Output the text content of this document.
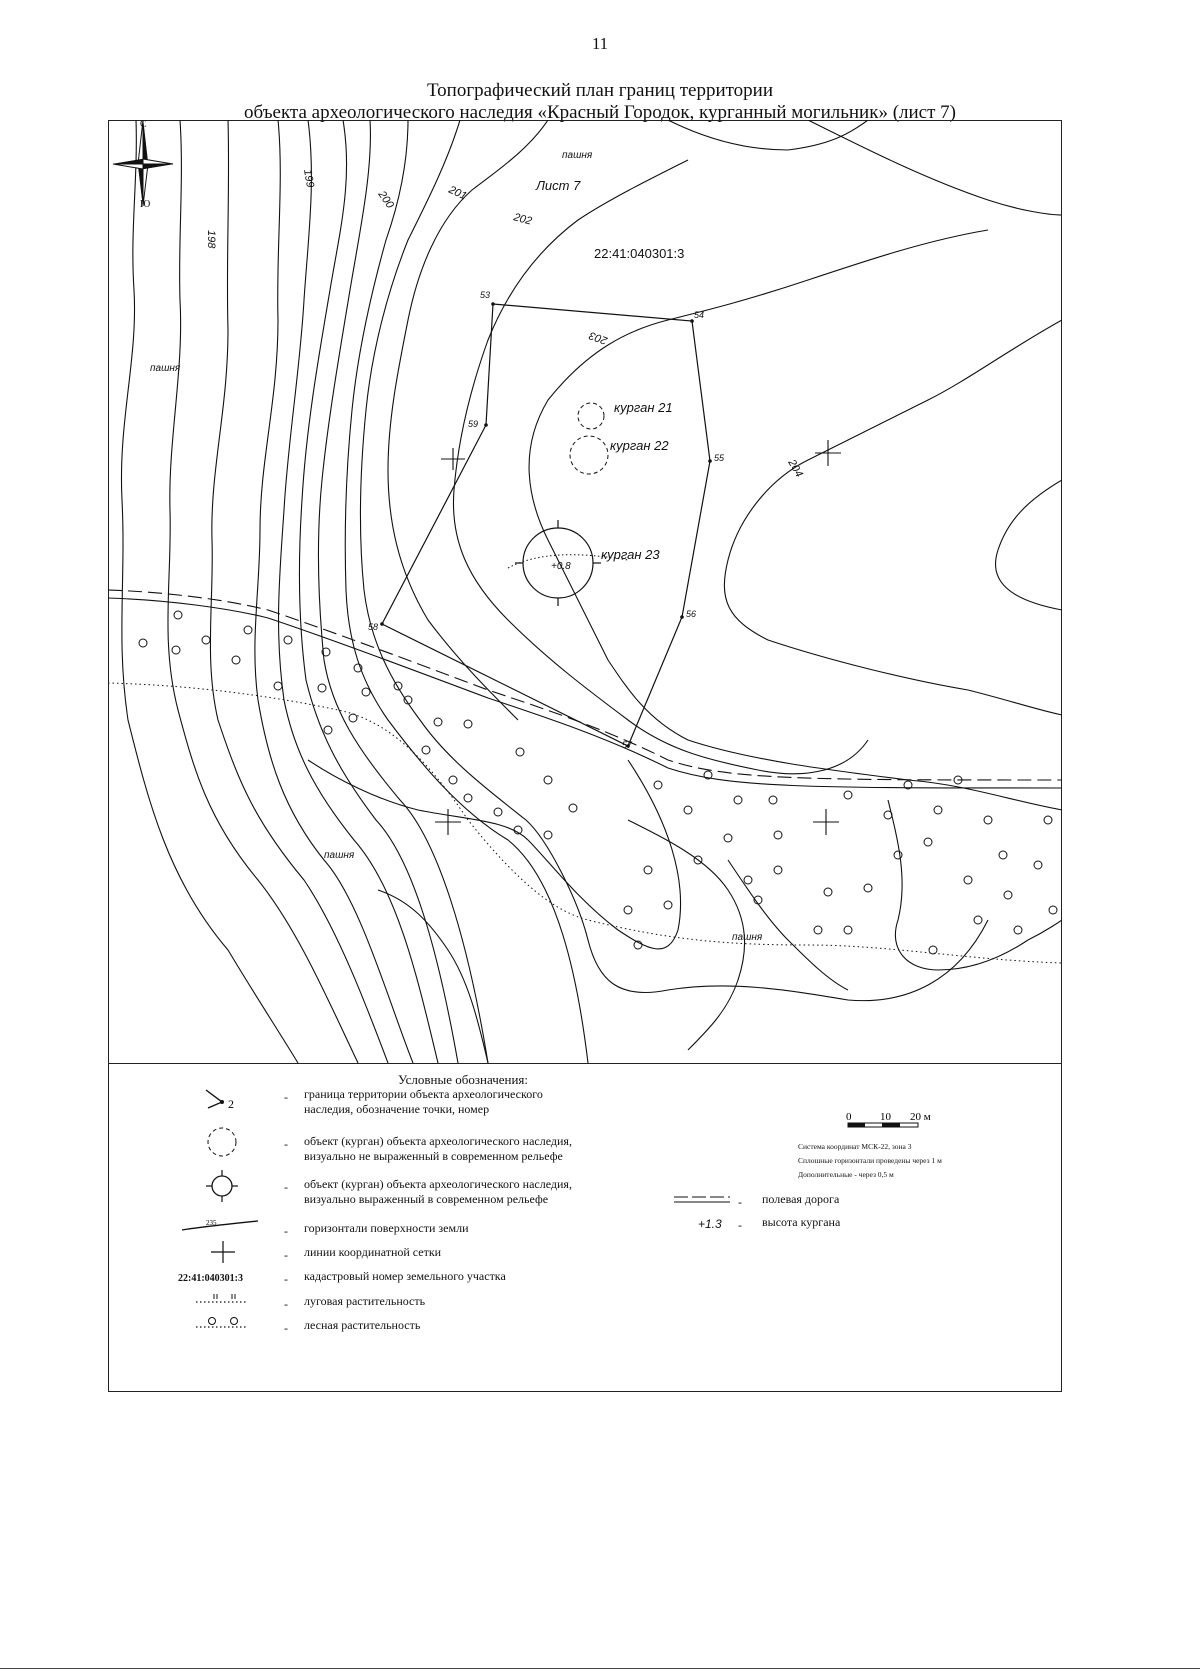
11
Топографический план границ территории
объекта археологического наследия «Красный Городок, курганный могильник» (лист 7)
198
199
200	201
202
203
204
53
54
55
56
57
58
59
курган 21
курган 22
курган 23
+0.8
пашня
пашня
пашня
пашня
Лист 7
22:41:040301:3
С
Ю
Условные обозначения:
2	- граница территории объекта археологического
наследия, обозначение точки, номер
- объект (курган) объекта археологического наследия,
визуально не выраженный в современном рельефе
- объект (курган) объекта археологического наследия,
визуально выраженный в современном рельефе
235
- горизонтали поверхности земли
- линии координатной сетки
22:41:040301:3	- кадастровый номер земельного участка
- луговая растительность
- лесная растительность
0	10 20 м
Система координат МСК-22, зона 3
Сплошные горизонтали проведены через 1 м
Дополнительные - через 0,5 м
- полевая дорога
+1.3 - высота кургана
